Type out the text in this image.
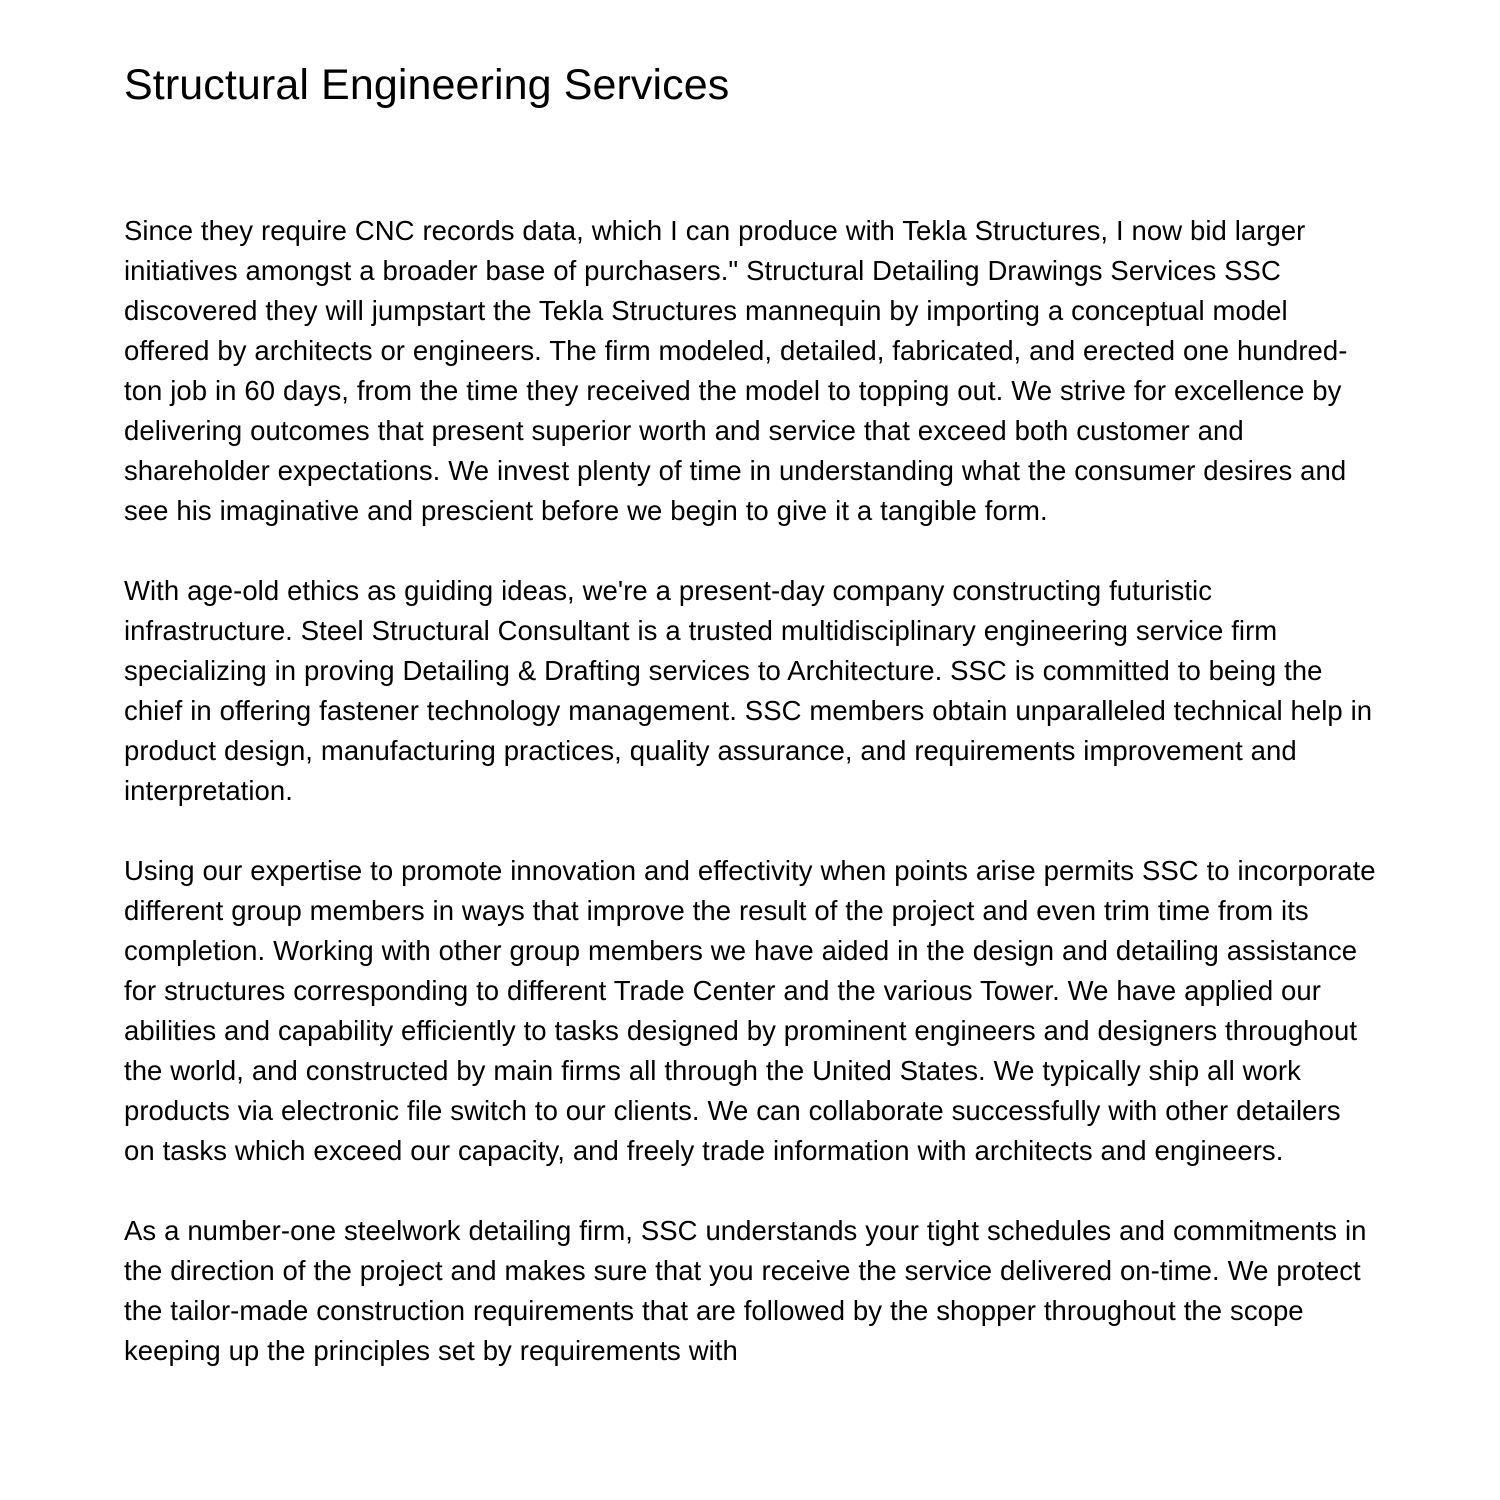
Structural Engineering Services

Since they require CNC records data, which I can produce with Tekla Structures, I now bid larger initiatives amongst a broader base of purchasers." Structural Detailing Drawings Services SSC discovered they will jumpstart the Tekla Structures mannequin by importing a conceptual model offered by architects or engineers. The firm modeled, detailed, fabricated, and erected one hundred-ton job in 60 days, from the time they received the model to topping out. We strive for excellence by delivering outcomes that present superior worth and service that exceed both customer and shareholder expectations. We invest plenty of time in understanding what the consumer desires and see his imaginative and prescient before we begin to give it a tangible form.

With age-old ethics as guiding ideas, we're a present-day company constructing futuristic infrastructure. Steel Structural Consultant is a trusted multidisciplinary engineering service firm specializing in proving Detailing & Drafting services to Architecture. SSC is committed to being the chief in offering fastener technology management. SSC members obtain unparalleled technical help in product design, manufacturing practices, quality assurance, and requirements improvement and interpretation.

Using our expertise to promote innovation and effectivity when points arise permits SSC to incorporate different group members in ways that improve the result of the project and even trim time from its completion. Working with other group members we have aided in the design and detailing assistance for structures corresponding to different Trade Center and the various Tower. We have applied our abilities and capability efficiently to tasks designed by prominent engineers and designers throughout the world, and constructed by main firms all through the United States. We typically ship all work products via electronic file switch to our clients. We can collaborate successfully with other detailers on tasks which exceed our capacity, and freely trade information with architects and engineers.

As a number-one steelwork detailing firm, SSC understands your tight schedules and commitments in the direction of the project and makes sure that you receive the service delivered on-time. We protect the tailor-made construction requirements that are followed by the shopper throughout the scope keeping up the principles set by requirements with
